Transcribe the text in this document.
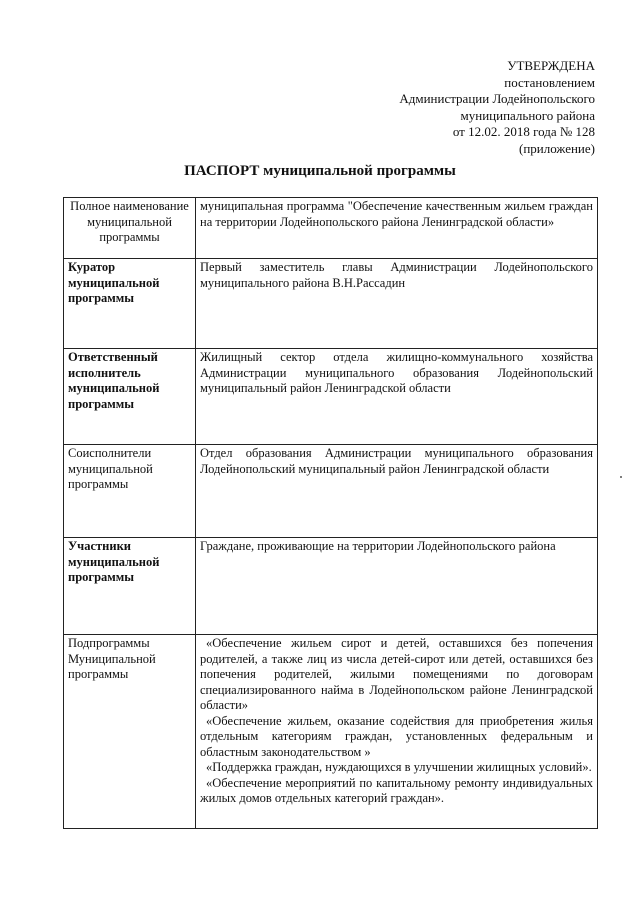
УТВЕРЖДЕНА
постановлением
Администрации Лодейнопольского
муниципального района
от 12.02. 2018 года № 128
(приложение)
ПАСПОРТ муниципальной программы
Полное наименование муниципальной программы	муниципальная программа "Обеспечение качественным жильем граждан на территории Лодейнопольского района Ленинградской области»
Куратор муниципальной программы	Первый заместитель главы Администрации Лодейнопольского муниципального района В.Н.Рассадин
Ответственный исполнитель муниципальной программы	Жилищный сектор отдела жилищно-коммунального хозяйства Администрации муниципального образования Лодейнопольский муниципальный район Ленинградской области
Соисполнители муниципальной программы	Отдел образования Администрации муниципального образования Лодейнопольский муниципальный район Ленинградской области
Участники муниципальной программы	Граждане, проживающие на территории Лодейнопольского района
Подпрограммы Муниципальной программы	«Обеспечение жильем сирот и детей, оставшихся без попечения родителей, а также лиц из числа детей-сирот или детей, оставшихся без попечения родителей, жилыми помещениями по договорам специализированного найма в Лодейнопольском районе Ленинградской области»
«Обеспечение жильем, оказание содействия для приобретения жилья отдельным категориям граждан, установленных федеральным и областным законодательством »
«Поддержка граждан, нуждающихся в улучшении жилищных условий».
«Обеспечение мероприятий по капитальному ремонту индивидуальных жилых домов отдельных категорий граждан».
